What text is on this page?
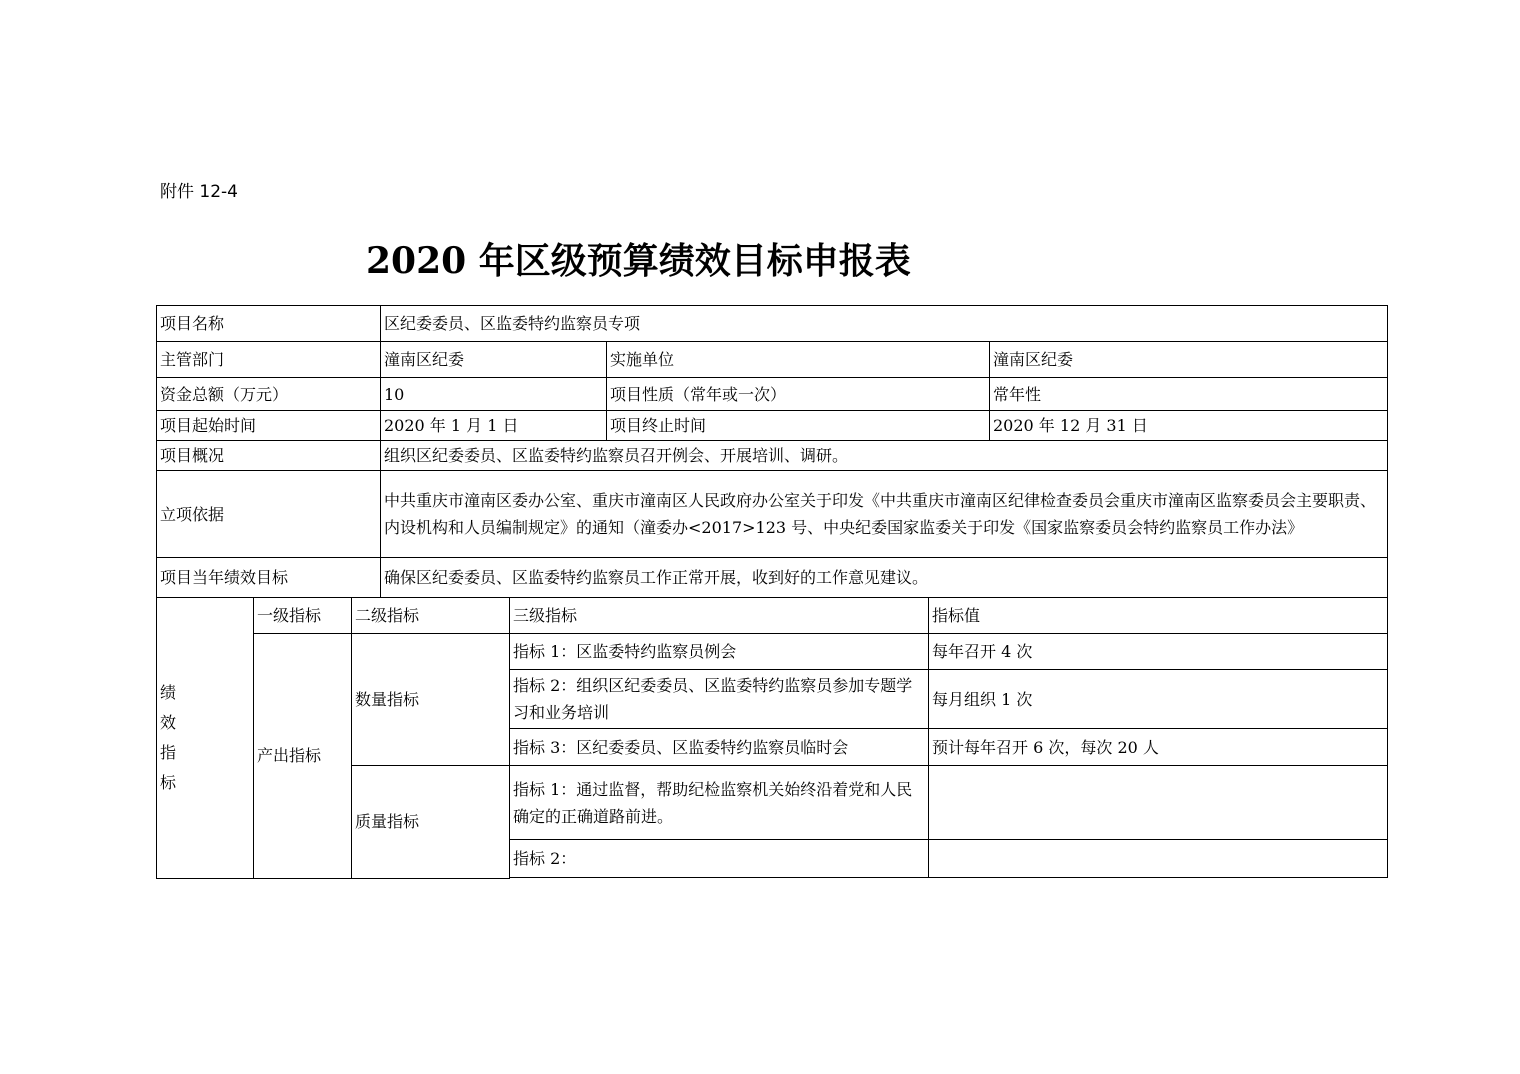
附件 12-4
2020 年区级预算绩效目标申报表
项目名称			区纪委委员、区监委特约监察员专项				
主管部门			潼南区纪委		实施单位		潼南区纪委
资金总额（万元）			10		项目性质（常年或一次）		常年性
项目起始时间			2020 年 1 月 1 日		项目终止时间		2020 年 12 月 31 日
项目概况			组织区纪委委员、区监委特约监察员召开例会、开展培训、调研。				
立项依据			中共重庆市潼南区委办公室、重庆市潼南区人民政府办公室关于印发《中共重庆市潼南区纪律检查委员会重庆市潼南区监察委员会主要职责、内设机构和人员编制规定》的通知（潼委办<2017>123 号、中央纪委国家监委关于印发《国家监察委员会特约监察员工作办法》				
项目当年绩效目标			确保区纪委委员、区监委特约监察员工作正常开展，收到好的工作意见建议。				

绩
效
指
标	一级指标	二级指标		三级指标		指标值	
	产出指标	数量指标		指标 1：区监委特约监察员例会		每年召开 4 次	
				指标 2：组织区纪委委员、区监委特约监察员参加专题学习和业务培训		每月组织 1 次	
				指标 3：区纪委委员、区监委特约监察员临时会		预计每年召开 6 次，每次 20 人	
		质量指标		指标 1：通过监督，帮助纪检监察机关始终沿着党和人民确定的正确道路前进。			
				指标 2：			
